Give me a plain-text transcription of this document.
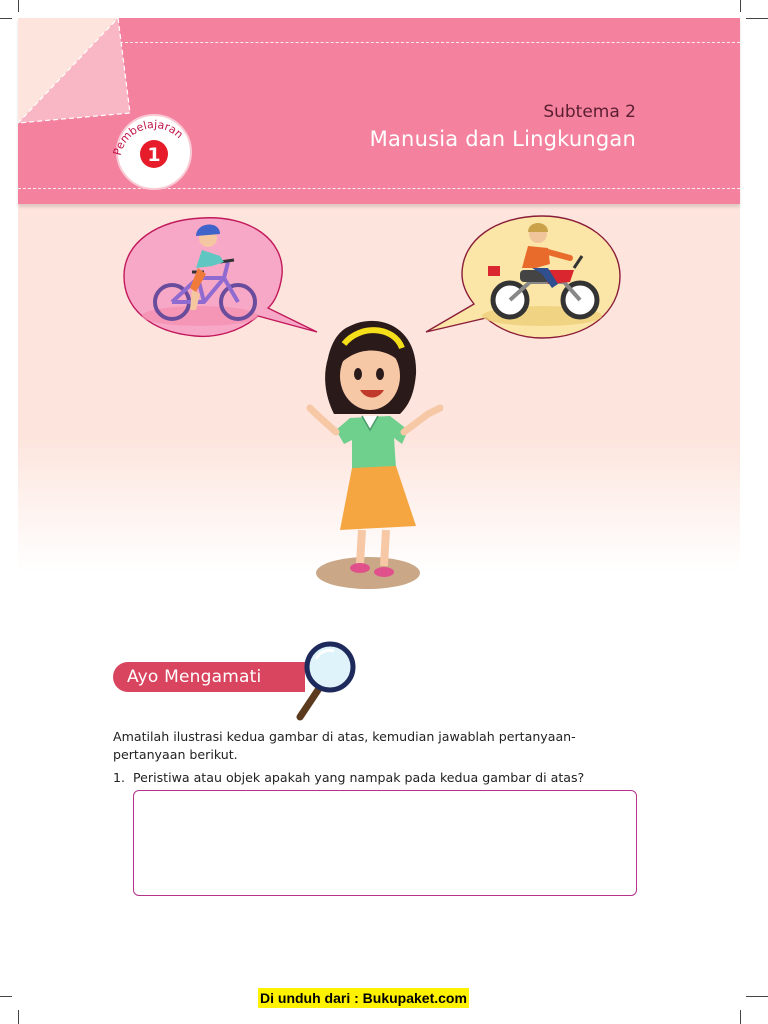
Subtema 2
Manusia dan Lingkungan
Pembelajaran
1
Ayo Mengamati
Amatilah ilustrasi kedua gambar di atas, kemudian jawablah pertanyaan-pertanyaan berikut.
1. Peristiwa atau objek apakah yang nampak pada kedua gambar di atas?
Di unduh dari : Bukupaket.com
